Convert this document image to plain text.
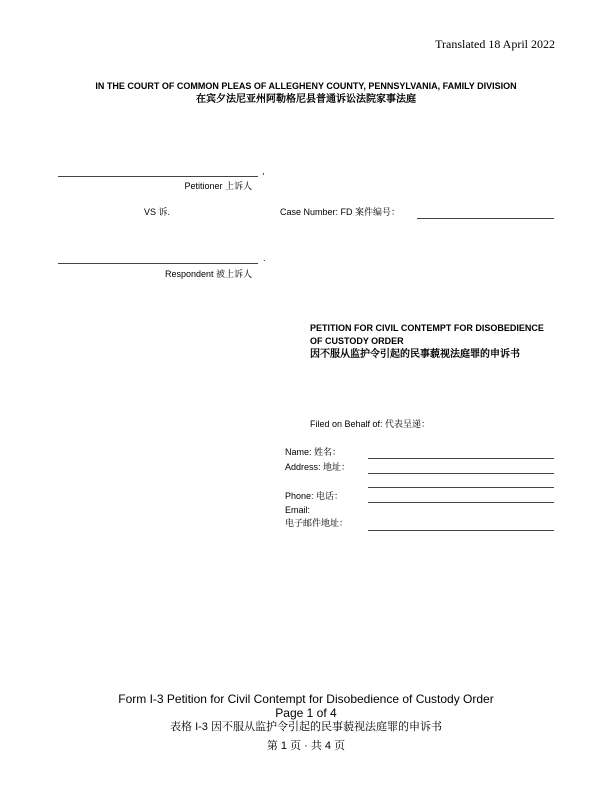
Translated 18 April 2022
IN THE COURT OF COMMON PLEAS OF ALLEGHENY COUNTY, PENNSYLVANIA, FAMILY DIVISION
在宾夕法尼亚州阿勒格尼县普通诉讼法院家事法庭
,
Petitioner 上诉人
VS 诉.	Case Number: FD 案件编号：
.
Respondent 被上诉人
PETITION FOR CIVIL CONTEMPT FOR DISOBEDIENCE
OF CUSTODY ORDER
因不服从监护令引起的民事藐视法庭罪的申诉书
Filed on Behalf of: 代表呈递：
Name: 姓名：
Address: 地址：
Phone: 电话：
Email:
电子邮件地址：
Form I-3 Petition for Civil Contempt for Disobedience of Custody Order
Page 1 of 4
表格 I-3 因不服从监护令引起的民事藐视法庭罪的申诉书
第 1 页 · 共 4 页
